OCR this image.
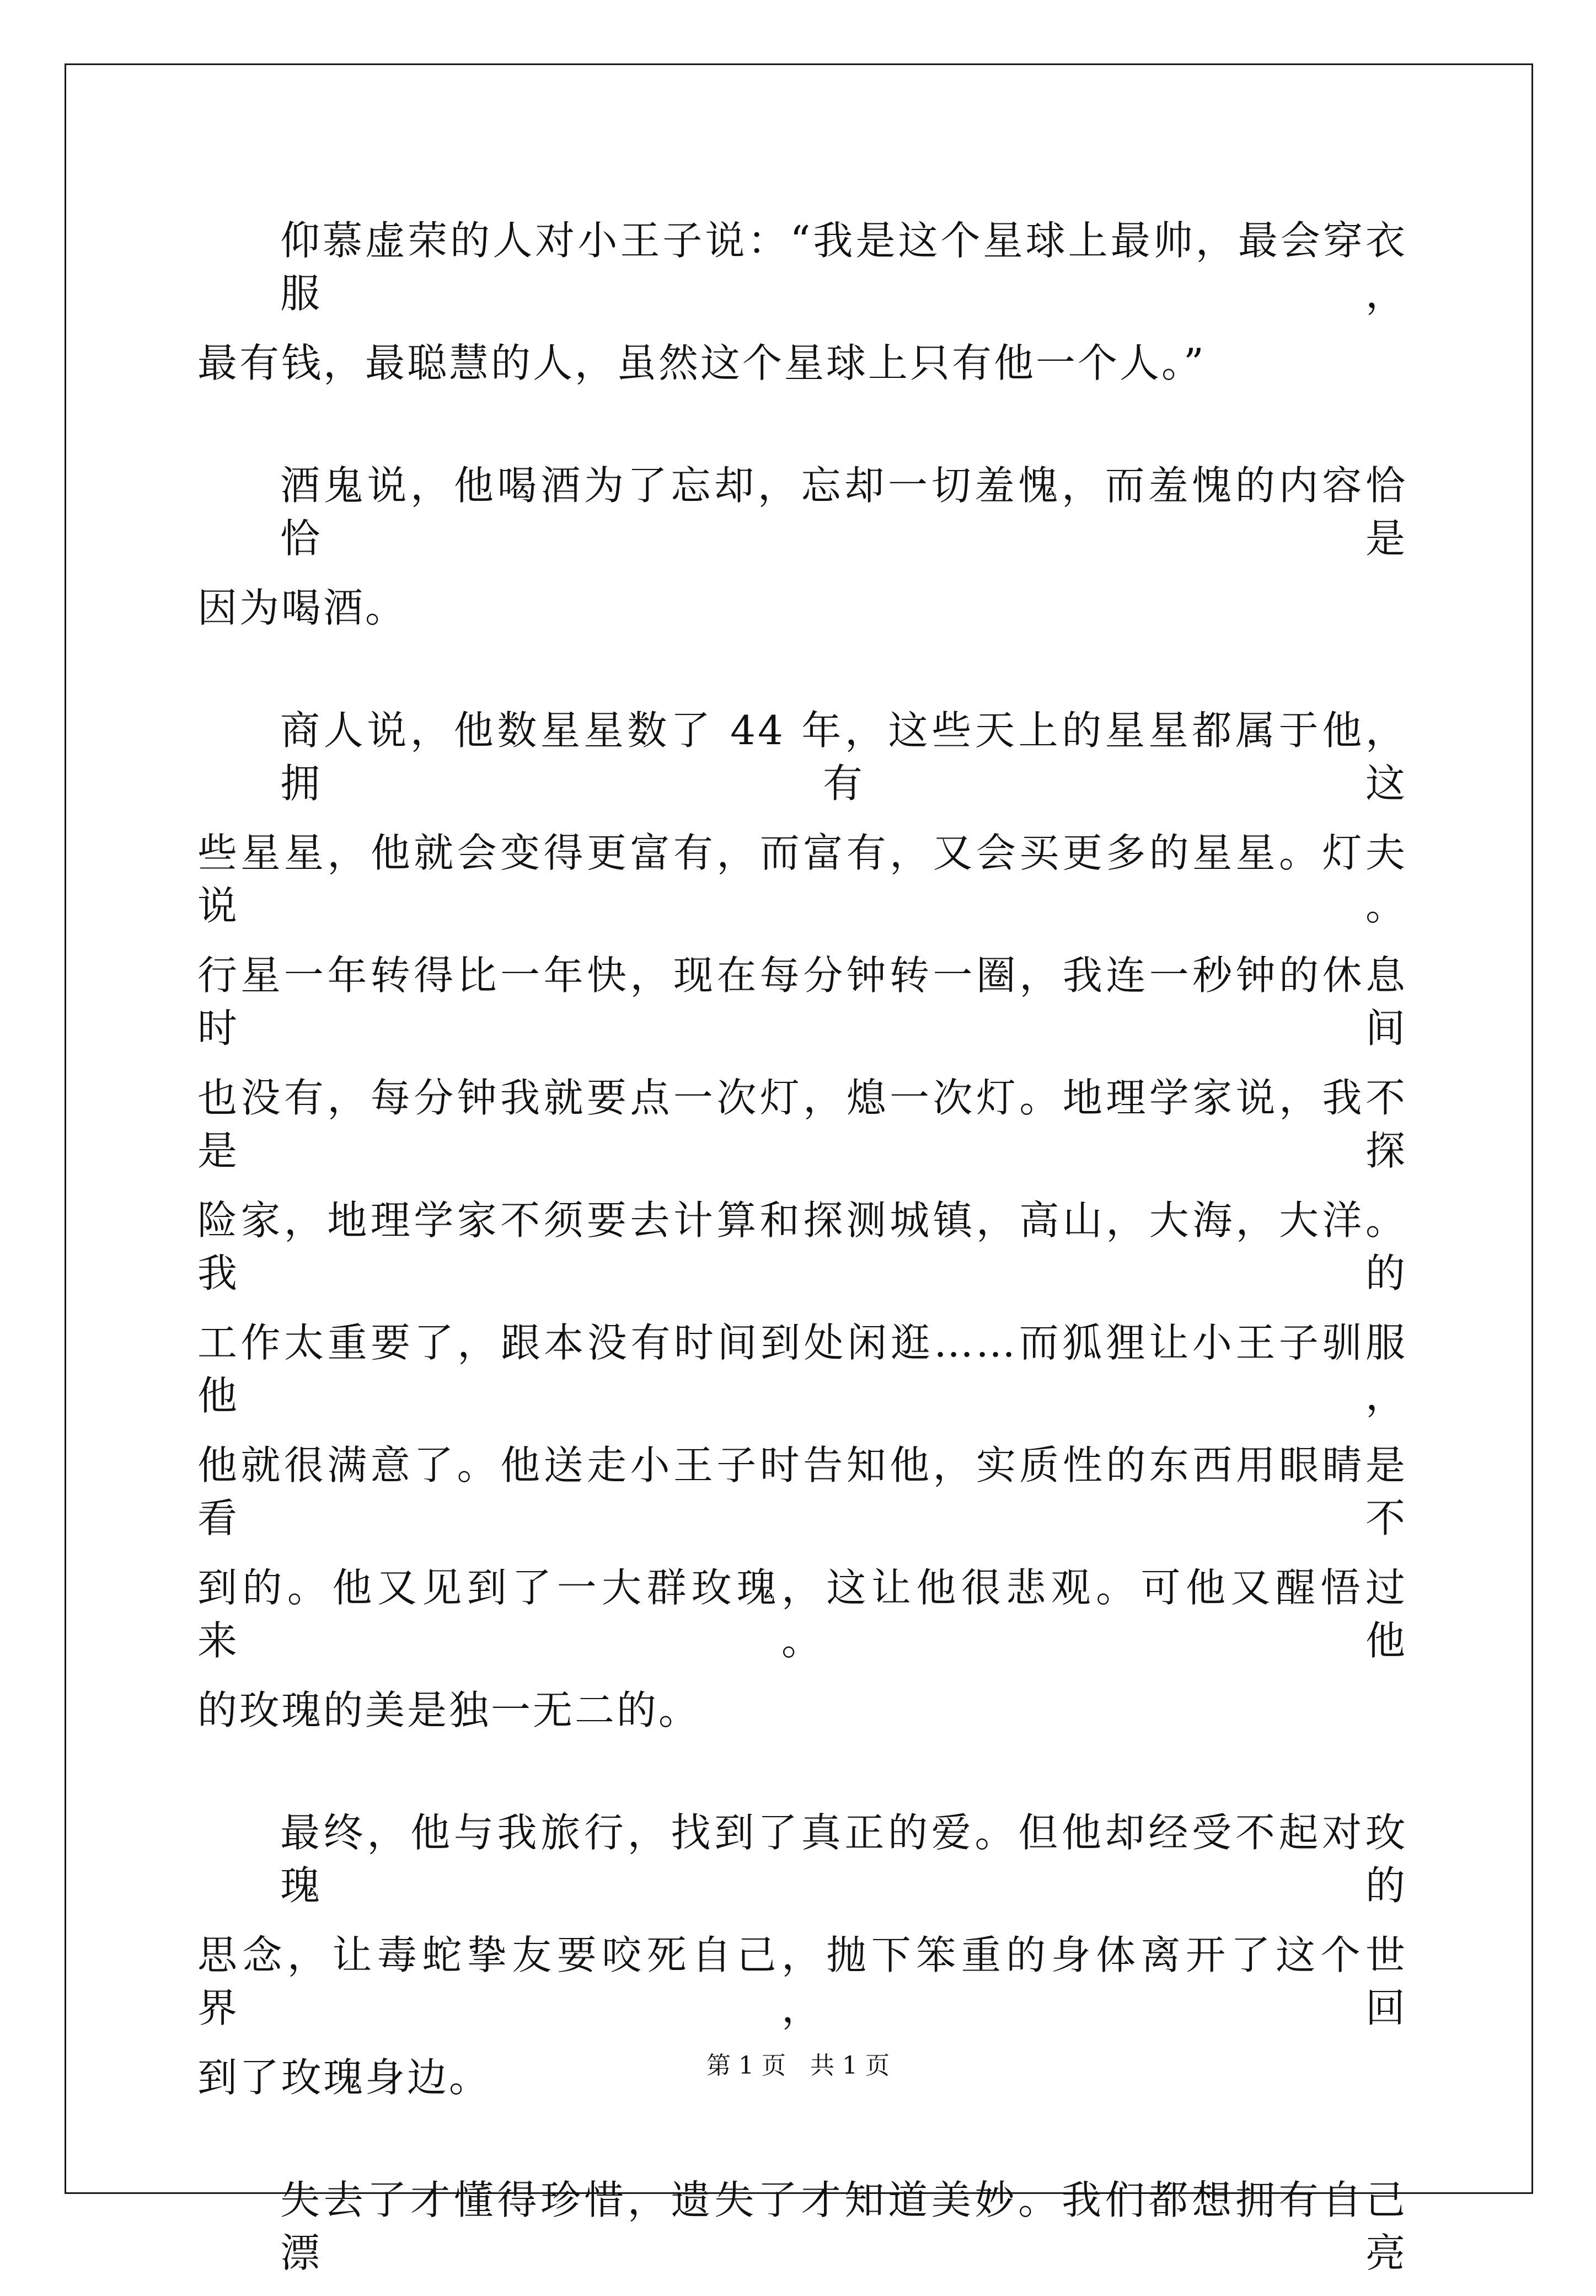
仰慕虚荣的人对小王子说：“我是这个星球上最帅，最会穿衣服，
最有钱，最聪慧的人，虽然这个星球上只有他一个人。”
酒鬼说，他喝酒为了忘却，忘却一切羞愧，而羞愧的内容恰恰是
因为喝酒。
商人说，他数星星数了 44 年，这些天上的星星都属于他，拥有这
些星星，他就会变得更富有，而富有，又会买更多的星星。灯夫说。
行星一年转得比一年快，现在每分钟转一圈，我连一秒钟的休息时间
也没有，每分钟我就要点一次灯，熄一次灯。地理学家说，我不是探
险家，地理学家不须要去计算和探测城镇，高山，大海，大洋。我的
工作太重要了，跟本没有时间到处闲逛……而狐狸让小王子驯服他，
他就很满意了。他送走小王子时告知他，实质性的东西用眼睛是看不
到的。他又见到了一大群玫瑰，这让他很悲观。可他又醒悟过来。他
的玫瑰的美是独一无二的。
最终，他与我旅行，找到了真正的爱。但他却经受不起对玫瑰的
思念，让毒蛇挚友要咬死自己，抛下笨重的身体离开了这个世界，回
到了玫瑰身边。
失去了才懂得珍惜，遗失了才知道美妙。我们都想拥有自己漂亮
第 1 页　共 1 页
